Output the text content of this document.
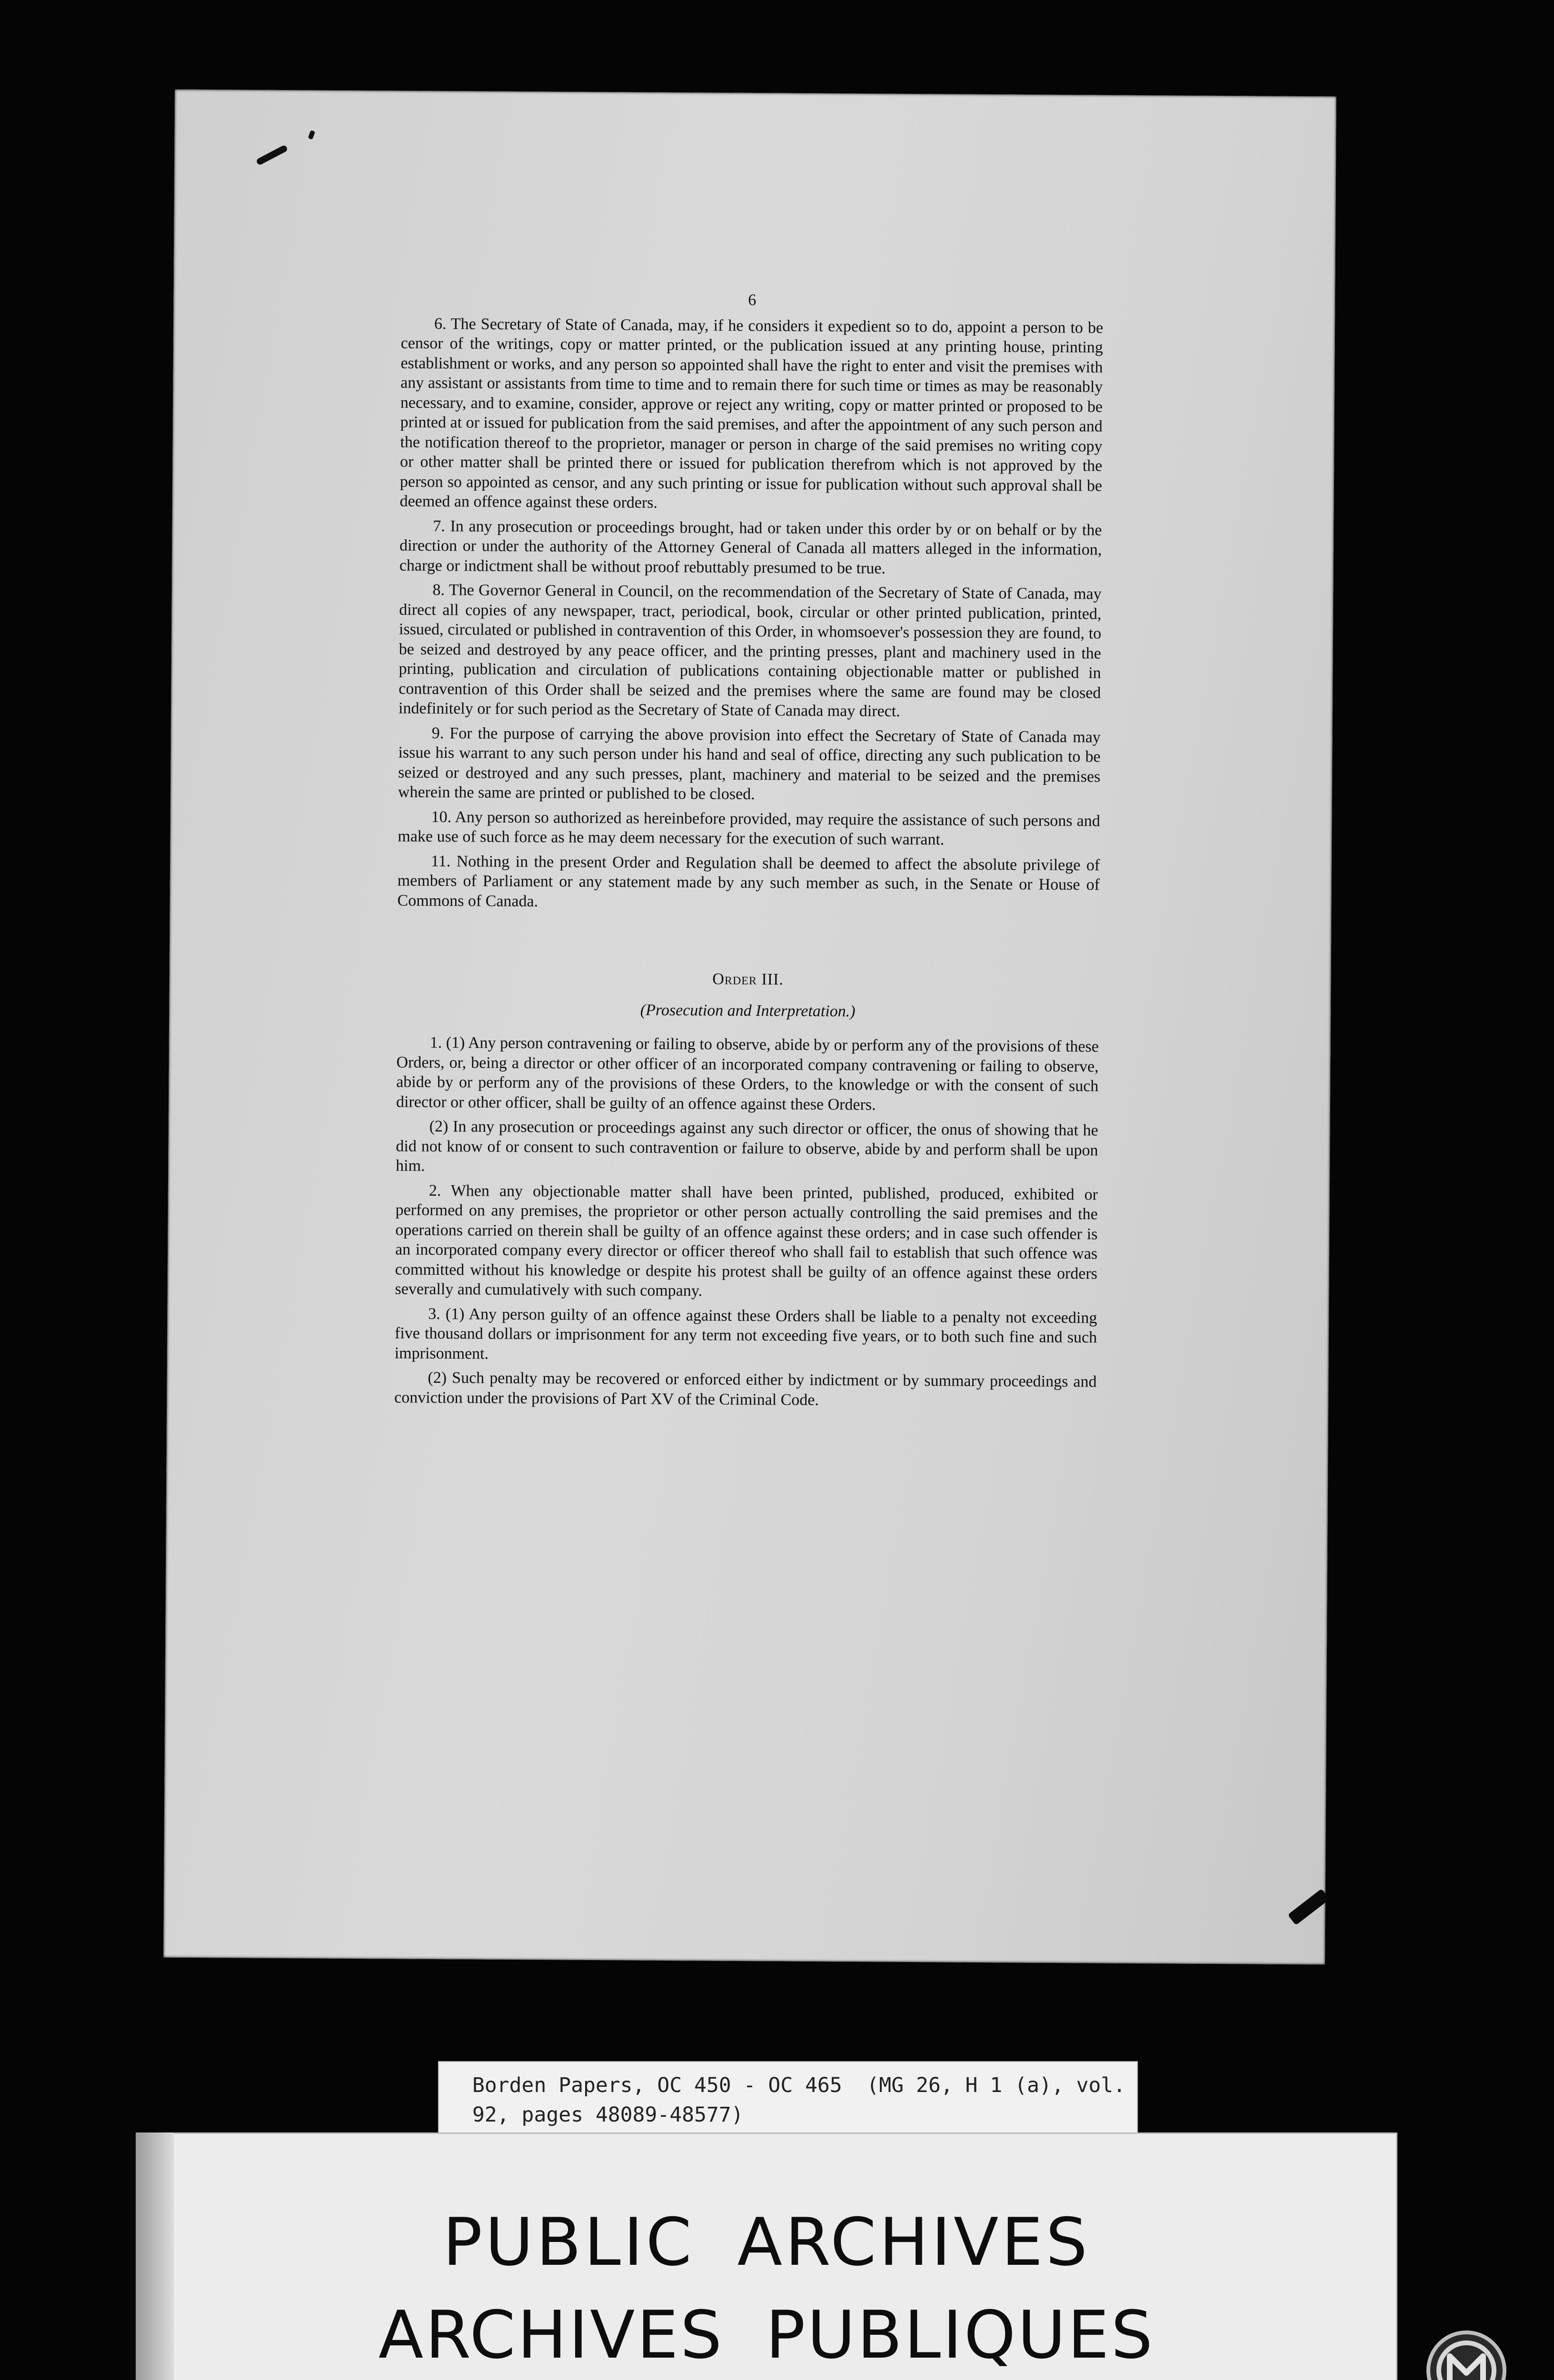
6

6. The Secretary of State of Canada, may, if he considers it expedient so to do, appoint a person to be censor of the writings, copy or matter printed, or the publication issued at any printing house, printing establishment or works, and any person so appointed shall have the right to enter and visit the premises with any assistant or assistants from time to time and to remain there for such time or times as may be reasonably necessary, and to examine, consider, approve or reject any writing, copy or matter printed or proposed to be printed at or issued for publication from the said premises, and after the appointment of any such person and the notification thereof to the proprietor, manager or person in charge of the said premises no writing copy or other matter shall be printed there or issued for publication therefrom which is not approved by the person so appointed as censor, and any such printing or issue for publication without such approval shall be deemed an offence against these orders.

7. In any prosecution or proceedings brought, had or taken under this order by or on behalf or by the direction or under the authority of the Attorney General of Canada all matters alleged in the information, charge or indictment shall be without proof rebuttably presumed to be true.

8. The Governor General in Council, on the recommendation of the Secretary of State of Canada, may direct all copies of any newspaper, tract, periodical, book, circular or other printed publication, printed, issued, circulated or published in contravention of this Order, in whomsoever's possession they are found, to be seized and destroyed by any peace officer, and the printing presses, plant and machinery used in the printing, publication and circulation of publications containing objectionable matter or published in contravention of this Order shall be seized and the premises where the same are found may be closed indefinitely or for such period as the Secretary of State of Canada may direct.

9. For the purpose of carrying the above provision into effect the Secretary of State of Canada may issue his warrant to any such person under his hand and seal of office, directing any such publication to be seized or destroyed and any such presses, plant, machinery and material to be seized and the premises wherein the same are printed or published to be closed.

10. Any person so authorized as hereinbefore provided, may require the assistance of such persons and make use of such force as he may deem necessary for the execution of such warrant.

11. Nothing in the present Order and Regulation shall be deemed to affect the absolute privilege of members of Parliament or any statement made by any such member as such, in the Senate or House of Commons of Canada.

Order III.
(Prosecution and Interpretation.)

1. (1) Any person contravening or failing to observe, abide by or perform any of the provisions of these Orders, or, being a director or other officer of an incorporated company contravening or failing to observe, abide by or perform any of the provisions of these Orders, to the knowledge or with the consent of such director or other officer, shall be guilty of an offence against these Orders.

(2) In any prosecution or proceedings against any such director or officer, the onus of showing that he did not know of or consent to such contravention or failure to observe, abide by and perform shall be upon him.

2. When any objectionable matter shall have been printed, published, produced, exhibited or performed on any premises, the proprietor or other person actually controlling the said premises and the operations carried on therein shall be guilty of an offence against these orders; and in case such offender is an incorporated company every director or officer thereof who shall fail to establish that such offence was committed without his knowledge or despite his protest shall be guilty of an offence against these orders severally and cumulatively with such company.

3. (1) Any person guilty of an offence against these Orders shall be liable to a penalty not exceeding five thousand dollars or imprisonment for any term not exceeding five years, or to both such fine and such imprisonment.

(2) Such penalty may be recovered or enforced either by indictment or by summary proceedings and conviction under the provisions of Part XV of the Criminal Code.

Borden Papers, OC 450 - OC 465  (MG 26, H 1 (a), vol.
92, pages 48089-48577)
PUBLIC ARCHIVES
ARCHIVES PUBLIQUES
